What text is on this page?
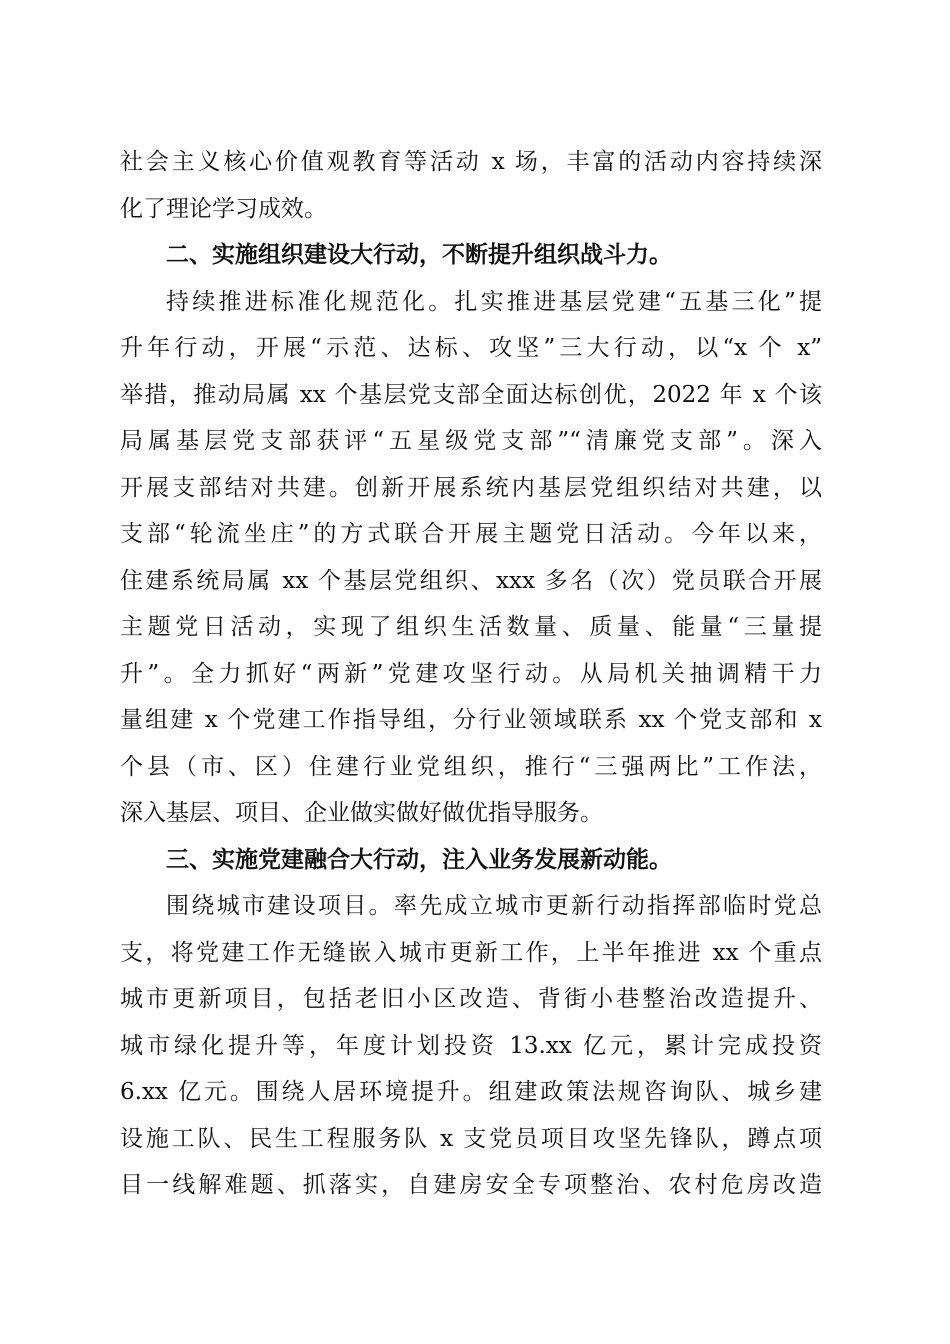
社会主义核心价值观教育等活动 x 场，丰富的活动内容持续深
化了理论学习成效。
二、实施组织建设大行动，不断提升组织战斗力。
持续推进标准化规范化。扎实推进基层党建“五基三化”提
升年行动，开展“示范、达标、攻坚”三大行动，以“x 个 x”
举措，推动局属 xx 个基层党支部全面达标创优，2022 年 x 个该
局属基层党支部获评“五星级党支部”“清廉党支部”。深入
开展支部结对共建。创新开展系统内基层党组织结对共建，以
支部“轮流坐庄”的方式联合开展主题党日活动。今年以来，
住建系统局属 xx 个基层党组织、xxx 多名（次）党员联合开展
主题党日活动，实现了组织生活数量、质量、能量“三量提
升”。全力抓好“两新”党建攻坚行动。从局机关抽调精干力
量组建 x 个党建工作指导组，分行业领域联系 xx 个党支部和 x
个县（市、区）住建行业党组织，推行“三强两比”工作法，
深入基层、项目、企业做实做好做优指导服务。
三、实施党建融合大行动，注入业务发展新动能。
围绕城市建设项目。率先成立城市更新行动指挥部临时党总
支，将党建工作无缝嵌入城市更新工作，上半年推进 xx 个重点
城市更新项目，包括老旧小区改造、背街小巷整治改造提升、
城市绿化提升等，年度计划投资 13.xx 亿元，累计完成投资
6.xx 亿元。围绕人居环境提升。组建政策法规咨询队、城乡建
设施工队、民生工程服务队 x 支党员项目攻坚先锋队，蹲点项
目一线解难题、抓落实，自建房安全专项整治、农村危房改造
